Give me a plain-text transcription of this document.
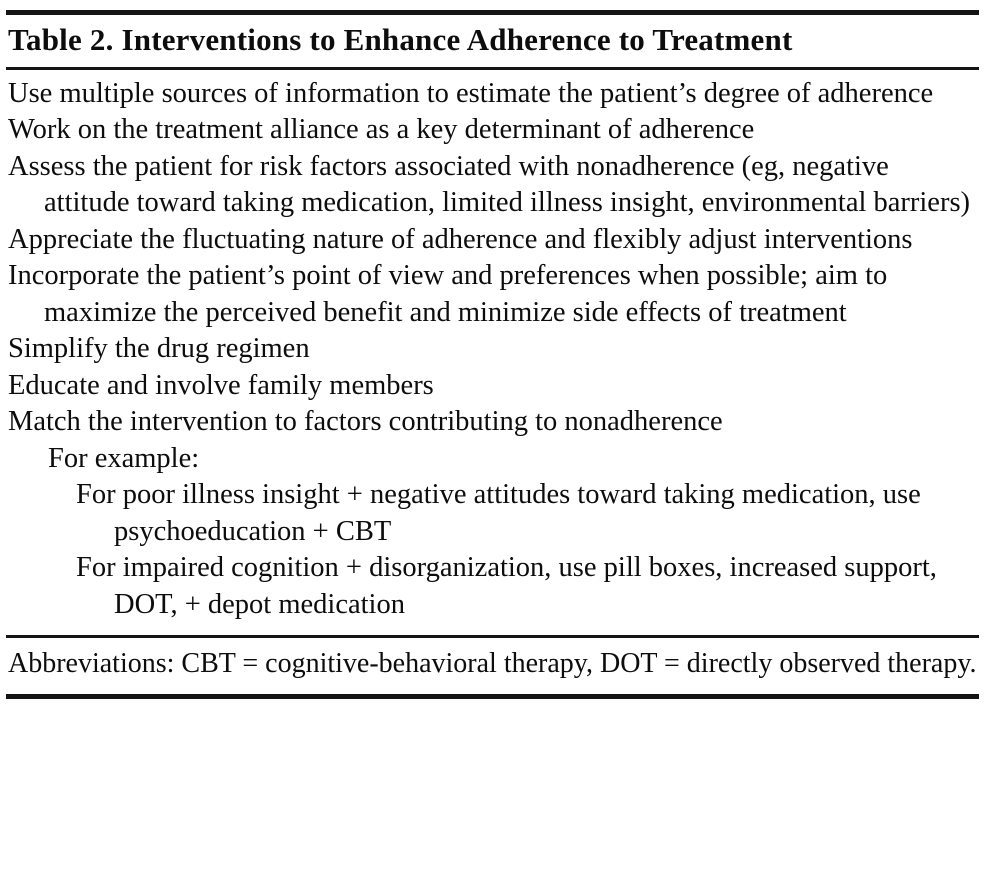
Table 2. Interventions to Enhance Adherence to Treatment

Use multiple sources of information to estimate the patient’s degree of adherence

Work on the treatment alliance as a key determinant of adherence

Assess the patient for risk factors associated with nonadherence (eg, negative attitude toward taking medication, limited illness insight, environmental barriers)

Appreciate the fluctuating nature of adherence and flexibly adjust interventions

Incorporate the patient’s point of view and preferences when possible; aim to maximize the perceived benefit and minimize side effects of treatment

Simplify the drug regimen

Educate and involve family members

Match the intervention to factors contributing to nonadherence

For example:

For poor illness insight + negative attitudes toward taking medication, use psychoeducation + CBT

For impaired cognition + disorganization, use pill boxes, increased support, DOT, + depot medication

Abbreviations: CBT = cognitive-behavioral therapy, DOT = directly observed therapy.
